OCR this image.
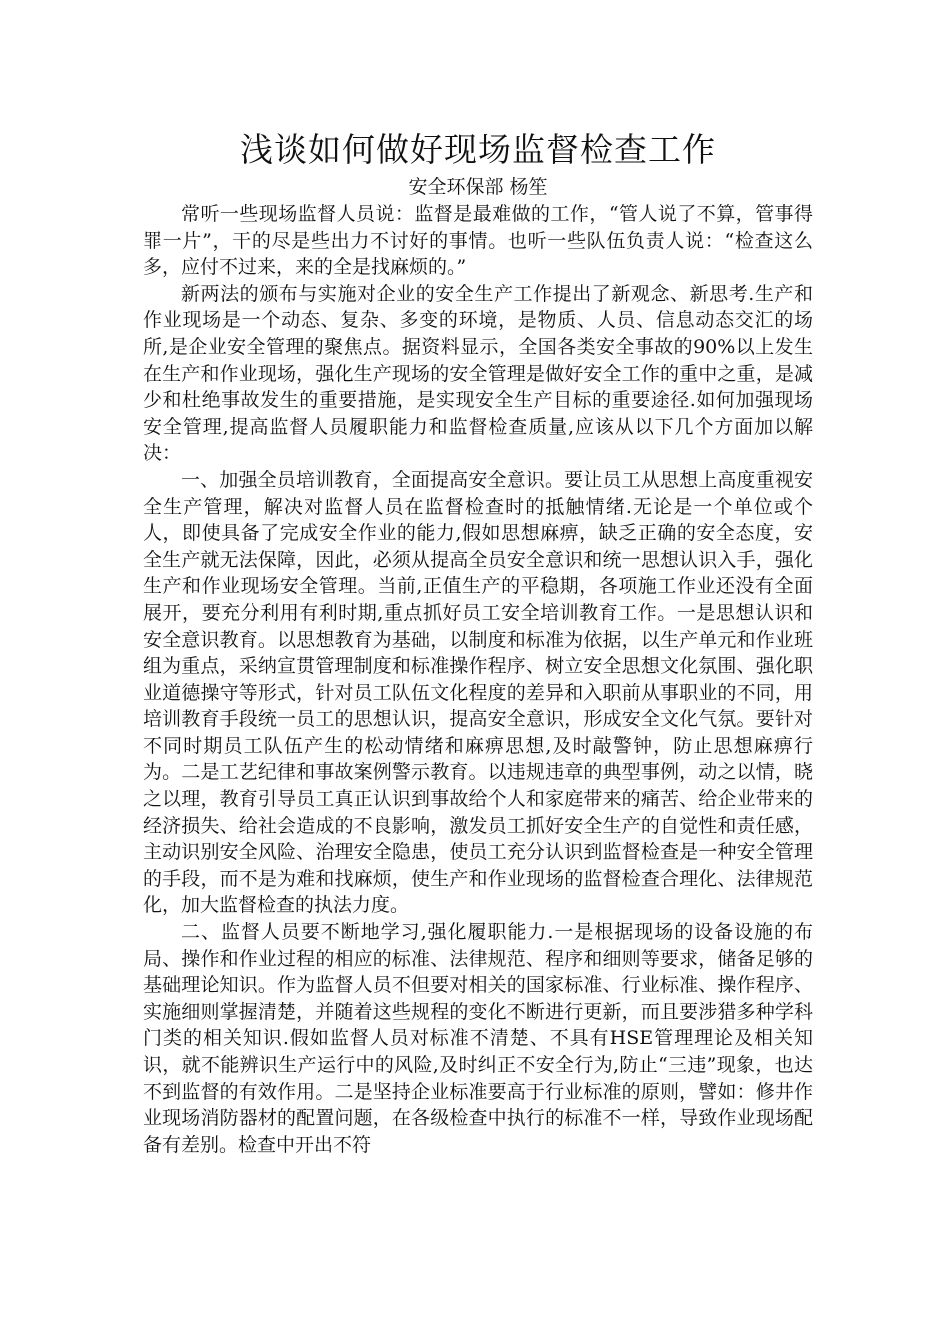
浅谈如何做好现场监督检查工作

安全环保部 杨笙

常听一些现场监督人员说：监督是最难做的工作，“管人说了不算，管事得罪一片”，干的尽是些出力不讨好的事情。也听一些队伍负责人说：“检查这么多，应付不过来，来的全是找麻烦的。”

新两法的颁布与实施对企业的安全生产工作提出了新观念、新思考.生产和作业现场是一个动态、复杂、多变的环境，是物质、人员、信息动态交汇的场所,是企业安全管理的聚焦点。据资料显示，全国各类安全事故的90%以上发生在生产和作业现场，强化生产现场的安全管理是做好安全工作的重中之重，是减少和杜绝事故发生的重要措施，是实现安全生产目标的重要途径.如何加强现场安全管理,提高监督人员履职能力和监督检查质量,应该从以下几个方面加以解决：

一、加强全员培训教育，全面提高安全意识。要让员工从思想上高度重视安全生产管理，解决对监督人员在监督检查时的抵触情绪.无论是一个单位或个人，即使具备了完成安全作业的能力,假如思想麻痹，缺乏正确的安全态度，安全生产就无法保障，因此，必须从提高全员安全意识和统一思想认识入手，强化生产和作业现场安全管理。当前,正值生产的平稳期，各项施工作业还没有全面展开，要充分利用有利时期,重点抓好员工安全培训教育工作。一是思想认识和安全意识教育。以思想教育为基础，以制度和标准为依据，以生产单元和作业班组为重点，采纳宣贯管理制度和标准操作程序、树立安全思想文化氛围、强化职业道德操守等形式，针对员工队伍文化程度的差异和入职前从事职业的不同，用培训教育手段统一员工的思想认识，提高安全意识，形成安全文化气氛。要针对不同时期员工队伍产生的松动情绪和麻痹思想,及时敲警钟，防止思想麻痹行为。二是工艺纪律和事故案例警示教育。以违规违章的典型事例，动之以情，晓之以理，教育引导员工真正认识到事故给个人和家庭带来的痛苦、给企业带来的经济损失、给社会造成的不良影响，激发员工抓好安全生产的自觉性和责任感，主动识别安全风险、治理安全隐患，使员工充分认识到监督检查是一种安全管理的手段，而不是为难和找麻烦，使生产和作业现场的监督检查合理化、法律规范化，加大监督检查的执法力度。

二、监督人员要不断地学习,强化履职能力.一是根据现场的设备设施的布局、操作和作业过程的相应的标准、法律规范、程序和细则等要求，储备足够的基础理论知识。作为监督人员不但要对相关的国家标准、行业标准、操作程序、实施细则掌握清楚，并随着这些规程的变化不断进行更新，而且要涉猎多种学科门类的相关知识.假如监督人员对标准不清楚、不具有HSE管理理论及相关知识，就不能辨识生产运行中的风险,及时纠正不安全行为,防止“三违”现象，也达不到监督的有效作用。二是坚持企业标准要高于行业标准的原则，譬如：修井作业现场消防器材的配置问题，在各级检查中执行的标准不一样，导致作业现场配备有差别。检查中开出不符
